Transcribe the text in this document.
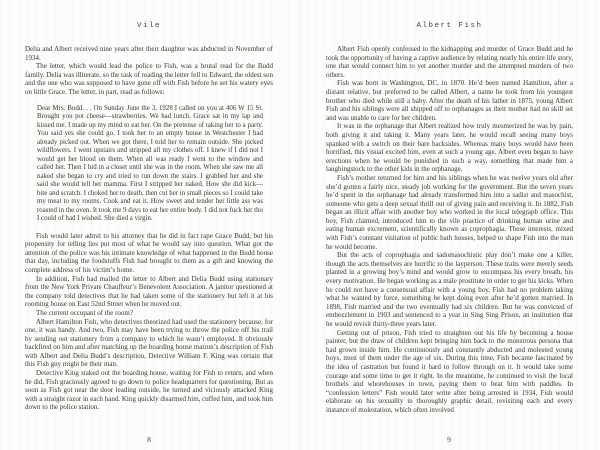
Vile

Delia and Albert received nine years after their daughter was abducted in November of 1934.

The letter, which would lead the police to Fish, was a brutal read for the Budd family. Delia was illiterate, so the task of reading the letter fell to Edward, the oldest son and the one who was supposed to have gone off with Fish before he set his watery eyes on little Grace. The letter, in part, read as follows:

Dear Mrs. Budd. . . On Sunday June the 3, 1928 I called on you at 406 W 15 St. Brought you pot cheese—strawberries. We had lunch. Grace sat in my lap and kissed me. I made up my mind to eat her. On the pretense of taking her to a party. You said yes she could go. I took her to an empty house in Westchester I had already picked out. When we got there, I told her to remain outside. She picked wildflowers. I went upstairs and stripped all my clothes off. I knew if I did not I would get her blood on them. When all was ready I went to the window and called her. Then I hid in a closet until she was in the room. When she saw me all naked she began to cry and tried to run down the stairs. I grabbed her and she said she would tell her mamma. First I stripped her naked. How she did kick—bite and scratch. I choked her to death, then cut her in small pieces so I could take my meat to my rooms. Cook and eat it. How sweet and tender her little ass was roasted in the oven. It took me 9 days to eat her entire body. I did not fuck her tho I could of had I wished. She died a virgin.

Fish would later admit to his attorney that he did in fact rape Grace Budd, but his propensity for telling lies put most of what he would say into question. What got the attention of the police was his intimate knowledge of what happened in the Budd house that day, including the foodstuffs Fish had brought to them as a gift and knowing the complete address of his victim’s home.

In addition, Fish had mailed the letter to Albert and Delia Budd using stationary from the New York Private Chauffeur’s Benevolent Association. A janitor questioned at the company told detectives that he had taken some of the stationery but left it at his rooming house on East 52nd Street when he moved out.

The current occupant of the room?

Albert Hamilton Fish, who detectives theorized had used the stationery because, for one, it was handy. And two, Fish may have been trying to throw the police off his trail by sending out stationery from a company to which he wasn’t employed. It obviously backfired on him and after matching up the boarding house matron’s description of Fish with Albert and Delia Budd’s description, Detective William F. King was certain that this Fish guy might be their man.

Detective King staked out the boarding house, waiting for Fish to return, and when he did, Fish graciously agreed to go down to police headquarters for questioning. But as soon as Fish got near the door leading outside, he turned and viciously attacked King with a straight razor in each hand. King quickly disarmed him, cuffed him, and took him down to the police station.

8
Albert Fish

Albert Fish openly confessed to the kidnapping and murder of Grace Budd and he took the opportunity of having a captive audience by relating nearly his entire life story, one that would connect him to yet another murder and the attempted murders of two others.

Fish was born in Washington, DC, in 1870. He’d been named Hamilton, after a distant relative, but preferred to be called Albert, a name he took from his youngest brother who died while still a baby. After the death of his father in 1875, young Albert Fish and his siblings were all shipped off to orphanages as their mother had no skill set and was unable to care for her children.

It was in the orphanage that Albert realized how truly mesmerized he was by pain, both giving it and taking it. Many years later, he would recall seeing many boys spanked with a switch on their bare backsides. Whereas many boys would have been horrified, this visual excited him, even at such a young age. Albert even began to have erections when he would be punished in such a way, something that made him a laughingstock to the other kids in the orphanage.

Fish’s mother returned for him and his siblings when he was twelve years old after she’d gotten a fairly nice, steady job working for the government. But the seven years he’d spent in the orphanage had already transformed him into a sadist and masochist, someone who gets a deep sexual thrill out of giving pain and receiving it. In 1882, Fish began an illicit affair with another boy who worked in the local telegraph office. This boy, Fish claimed, introduced him to the vile practice of drinking human urine and eating human excrement, scientifically known as coprophagia. These interests, mixed with Fish’s constant visitation of public bath houses, helped to shape Fish into the man he would become.

But the acts of coprophagia and sadomasochistic play don’t make one a killer, though the acts themselves are horrific to the layperson. These traits were merely seeds planted in a growing boy’s mind and would grow to encompass his every breath, his every motivation. He began working as a male prostitute in order to get his kicks. When he could not have a consensual affair with a young boy, Fish had no problem taking what he wanted by force, something he kept doing even after he’d gotten married. In 1898, Fish married and the two eventually had six children. But he was convicted of embezzlement in 1903 and sentenced to a year in Sing Sing Prison, an institution that he would revisit thirty-three years later.

Getting out of prison, Fish tried to straighten out his life by becoming a house painter, but the draw of children kept bringing him back to the monstrous persona that had grown inside him. He continuously and constantly abducted and molested young boys, most of them under the age of six. During this time, Fish became fascinated by the idea of castration but found it hard to follow through on it. It would take some courage and some time to get it right. In the meantime, he continued to visit the local brothels and whorehouses in town, paying them to beat him with paddles. In “confession letters” Fish would later write after being arrested in 1934, Fish would elaborate on his sexuality in thoroughly graphic detail, revisiting each and every instance of molestation, which often involved

9
